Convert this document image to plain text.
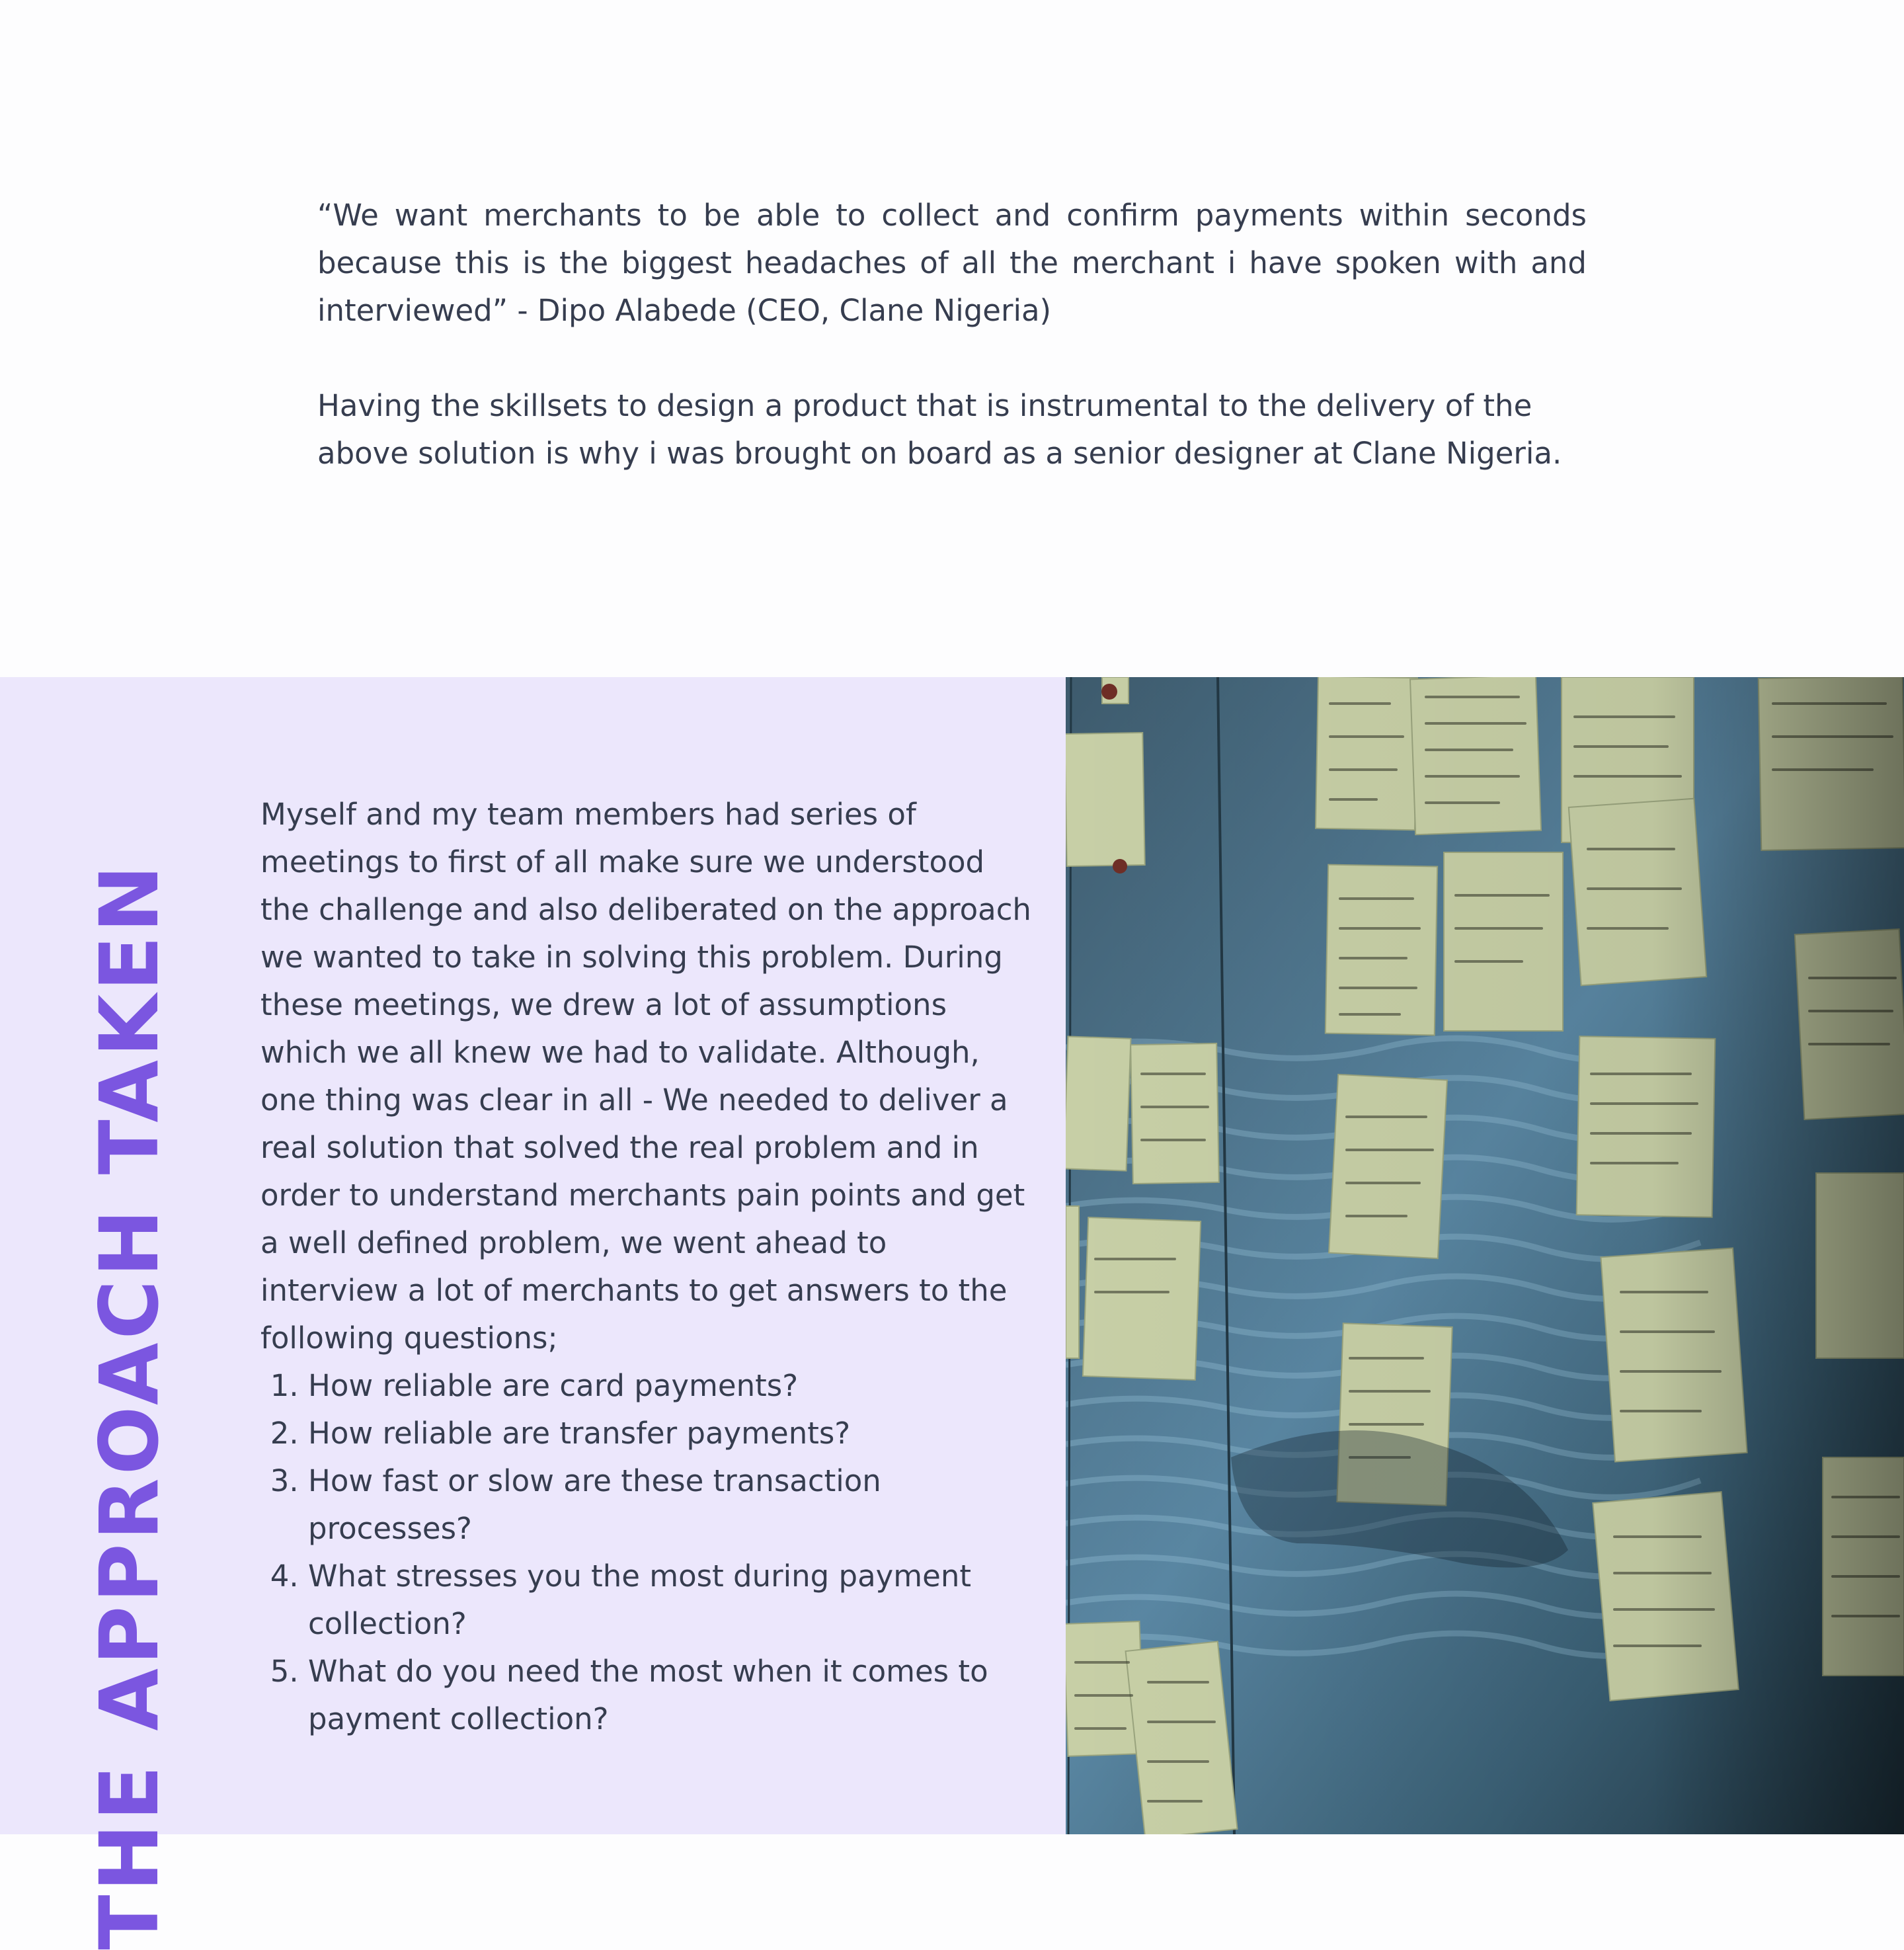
“We want merchants to be able to collect and confirm payments within seconds because this is the biggest headaches of all the merchant i have spoken with and interviewed” - Dipo Alabede (CEO, Clane Nigeria)

Having the skillsets to design a product that is instrumental to the delivery of the above solution is why i was brought on board as a senior designer at Clane Nigeria.

THE APPROACH TAKEN

Myself and my team members had series of meetings to first of all make sure we understood the challenge and also deliberated on the approach we wanted to take in solving this problem. During these meetings, we drew a lot of assumptions which we all knew we had to validate. Although, one thing was clear in all - We needed to deliver a real solution that solved the real problem and in order to understand merchants pain points and get a well defined problem, we went ahead to interview a lot of merchants to get answers to the following questions;

1. How reliable are card payments?
2. How reliable are transfer payments?
3. How fast or slow are these transaction processes?
4. What stresses you the most during payment collection?
5. What do you need the most when it comes to payment collection?
